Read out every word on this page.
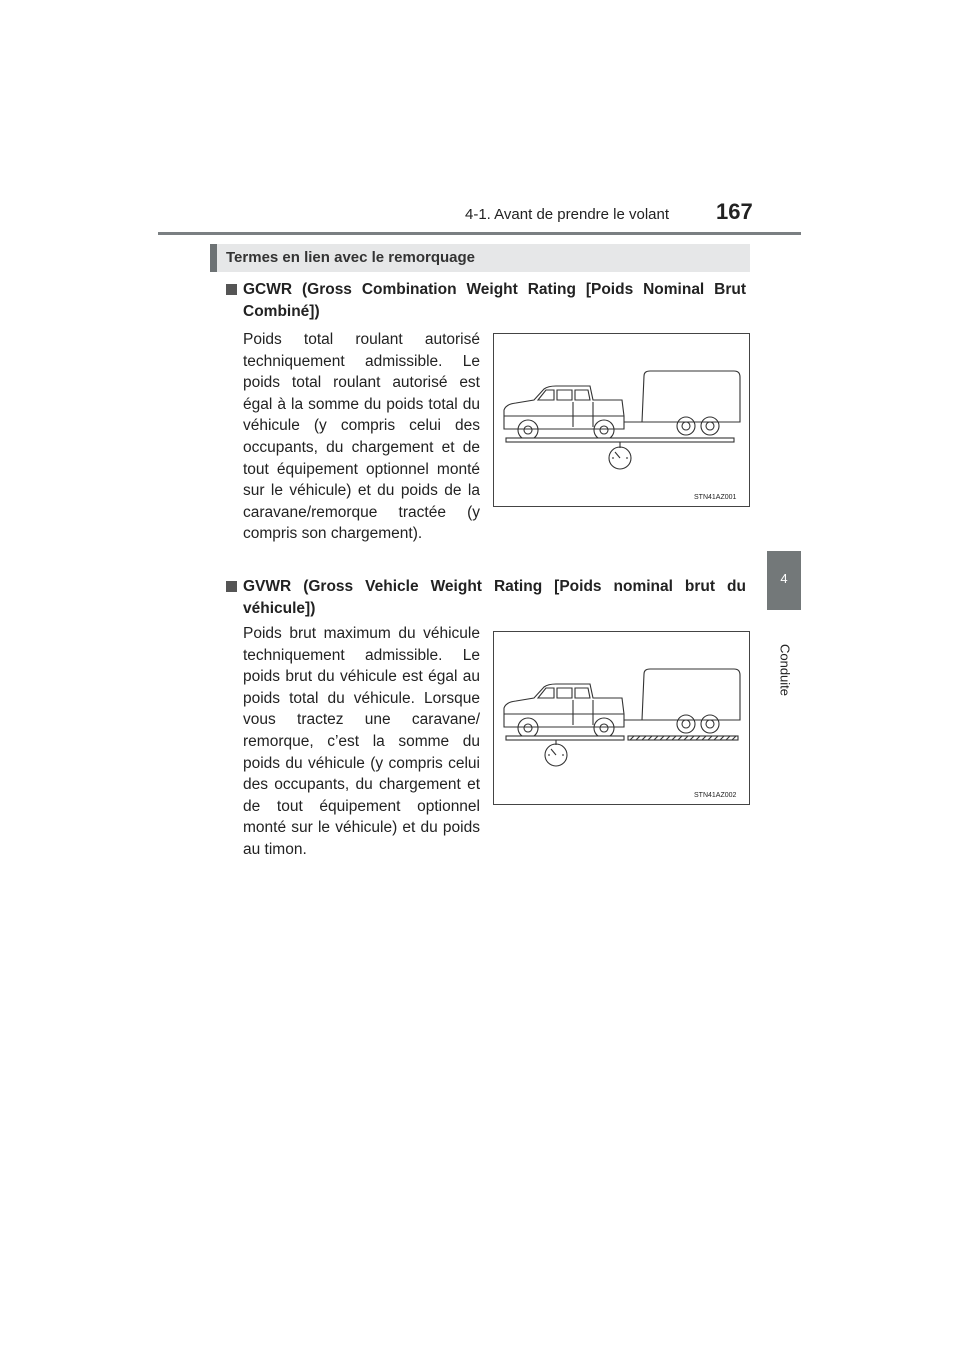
4-1. Avant de prendre le volant 167
4
Conduite
Termes en lien avec le remorquage
GCWR (Gross Combination Weight Rating [Poids Nominal Brut Combiné])
Poids total roulant autorisé techniquement admissible. Le poids total roulant autorisé est égal à la somme du poids total du véhicule (y compris celui des occupants, du chargement et de tout équipement optionnel monté sur le véhicule) et du poids de la caravane/remorque tractée (y compris son chargement).
STN41AZ001
GVWR (Gross Vehicle Weight Rating [Poids nominal brut du véhicule])
Poids brut maximum du véhicule techniquement admissible. Le poids brut du véhicule est égal au poids total du véhicule. Lorsque vous tractez une caravane/ remorque, c’est la somme du poids du véhicule (y compris celui des occupants, du chargement et de tout équipement optionnel monté sur le véhicule) et du poids au timon.
STN41AZ002
